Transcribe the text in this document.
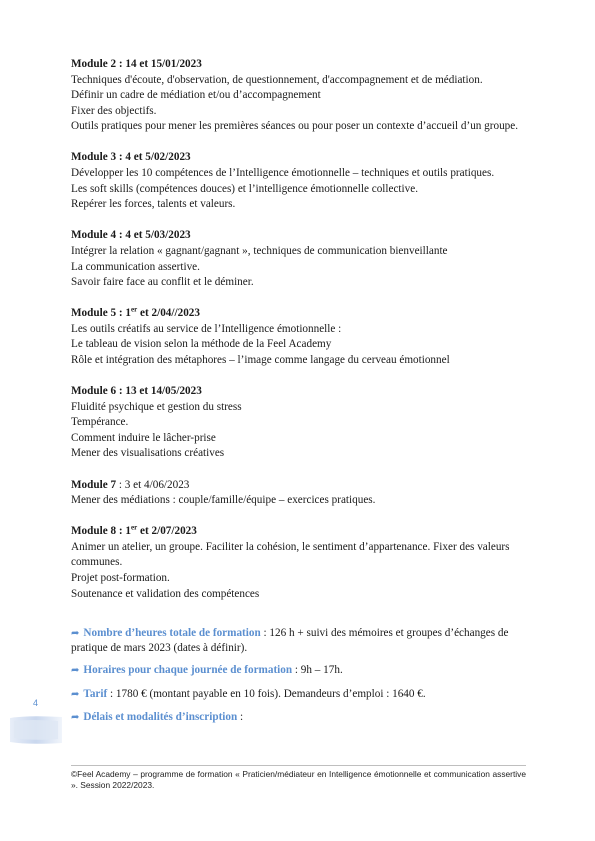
Module 2 : 14 et 15/01/2023
Techniques d'écoute, d'observation, de questionnement, d'accompagnement et de médiation.
Définir un cadre de médiation et/ou d’accompagnement
Fixer des objectifs.
Outils pratiques pour mener les premières séances ou pour poser un contexte d’accueil d’un groupe.
Module 3 : 4 et 5/02/2023
Développer les 10 compétences de l’Intelligence émotionnelle – techniques et outils pratiques.
Les soft skills (compétences douces) et l’intelligence émotionnelle collective.
Repérer les forces, talents et valeurs.
Module 4 : 4 et 5/03/2023
Intégrer la relation « gagnant/gagnant », techniques de communication bienveillante
La communication assertive.
Savoir faire face au conflit et le déminer.
Module 5 : 1er et 2/04//2023
Les outils créatifs au service de l’Intelligence émotionnelle :
Le tableau de vision selon la méthode de la Feel Academy
Rôle et intégration des métaphores – l’image comme langage du cerveau émotionnel
Module 6 : 13 et 14/05/2023
Fluidité psychique et gestion du stress
Tempérance.
Comment induire le lâcher-prise
Mener des visualisations créatives
Module 7 : 3 et 4/06/2023
Mener des médiations : couple/famille/équipe – exercices pratiques.
Module 8 : 1er et 2/07/2023
Animer un atelier, un groupe. Faciliter la cohésion, le sentiment d’appartenance. Fixer des valeurs communes.
Projet post-formation.
Soutenance et validation des compétences
➦ Nombre d’heures totale de formation : 126 h + suivi des mémoires et groupes d’échanges de pratique de mars 2023 (dates à définir).
➦ Horaires pour chaque journée de formation : 9h – 17h.
➦ Tarif : 1780 € (montant payable en 10 fois). Demandeurs d’emploi : 1640 €.
➦ Délais et modalités d’inscription :
4
©Feel Academy – programme de formation « Praticien/médiateur en Intelligence émotionnelle et communication assertive ». Session 2022/2023.
